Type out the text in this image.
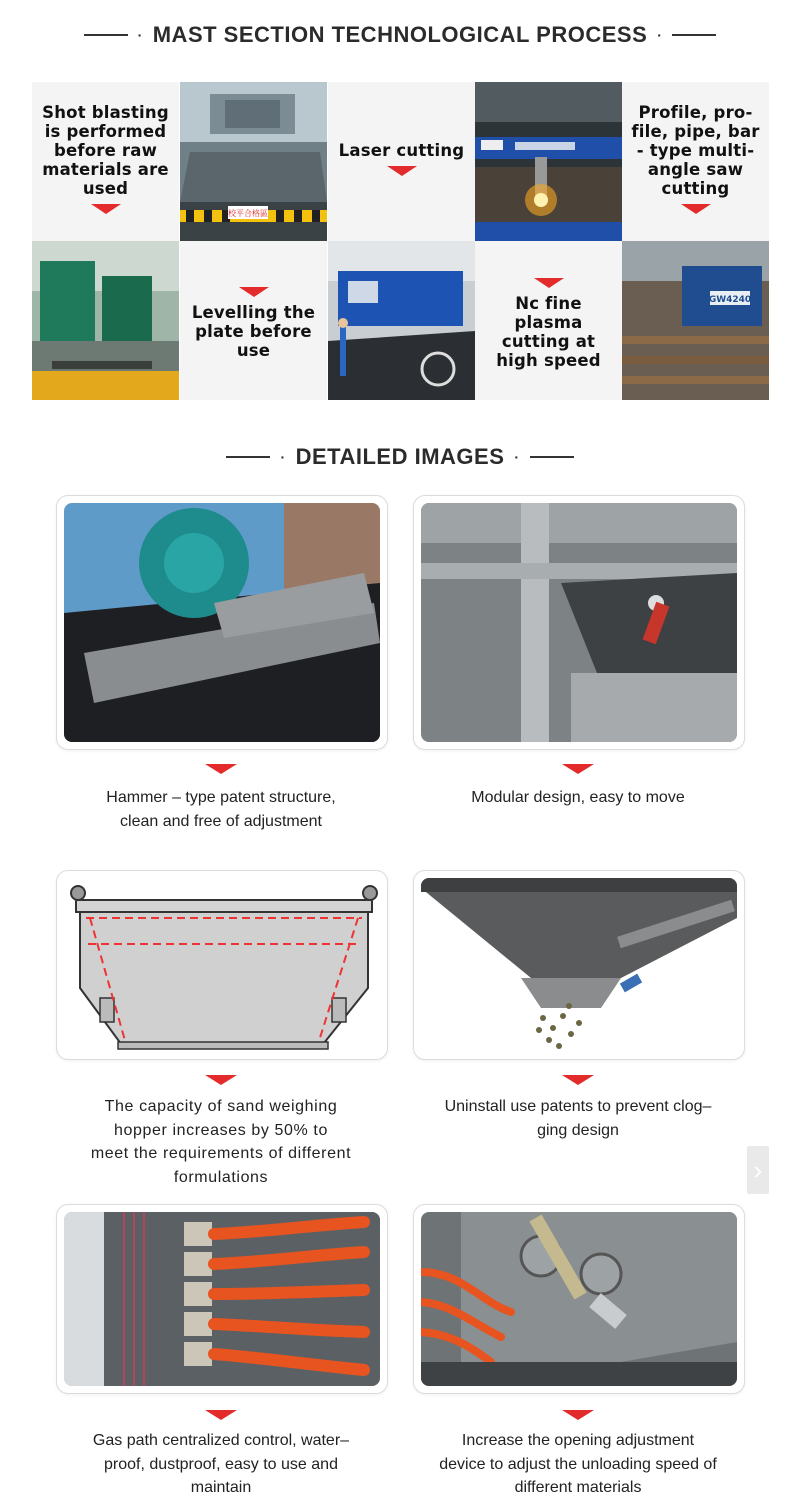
· MAST SECTION TECHNOLOGICAL PROCESS ·
Shot blasting is performed before raw materials are used
校平合格區
Laser cutting
Profile, pro-file, pipe, bar - type multi-angle saw cutting
Levelling the plate before use
Nc fine plasma cutting at high speed
GW4240
· DETAILED IMAGES ·
Hammer – type patent structure,
clean and free of adjustment
Modular design, easy to move
The capacity of sand weighing
hopper increases by 50% to
meet the requirements of different
formulations
Uninstall use patents to prevent clog–
ging design
›
Gas path centralized control, water–
proof, dustproof, easy to use and
maintain
Increase the opening adjustment
device to adjust the unloading speed of
different materials
